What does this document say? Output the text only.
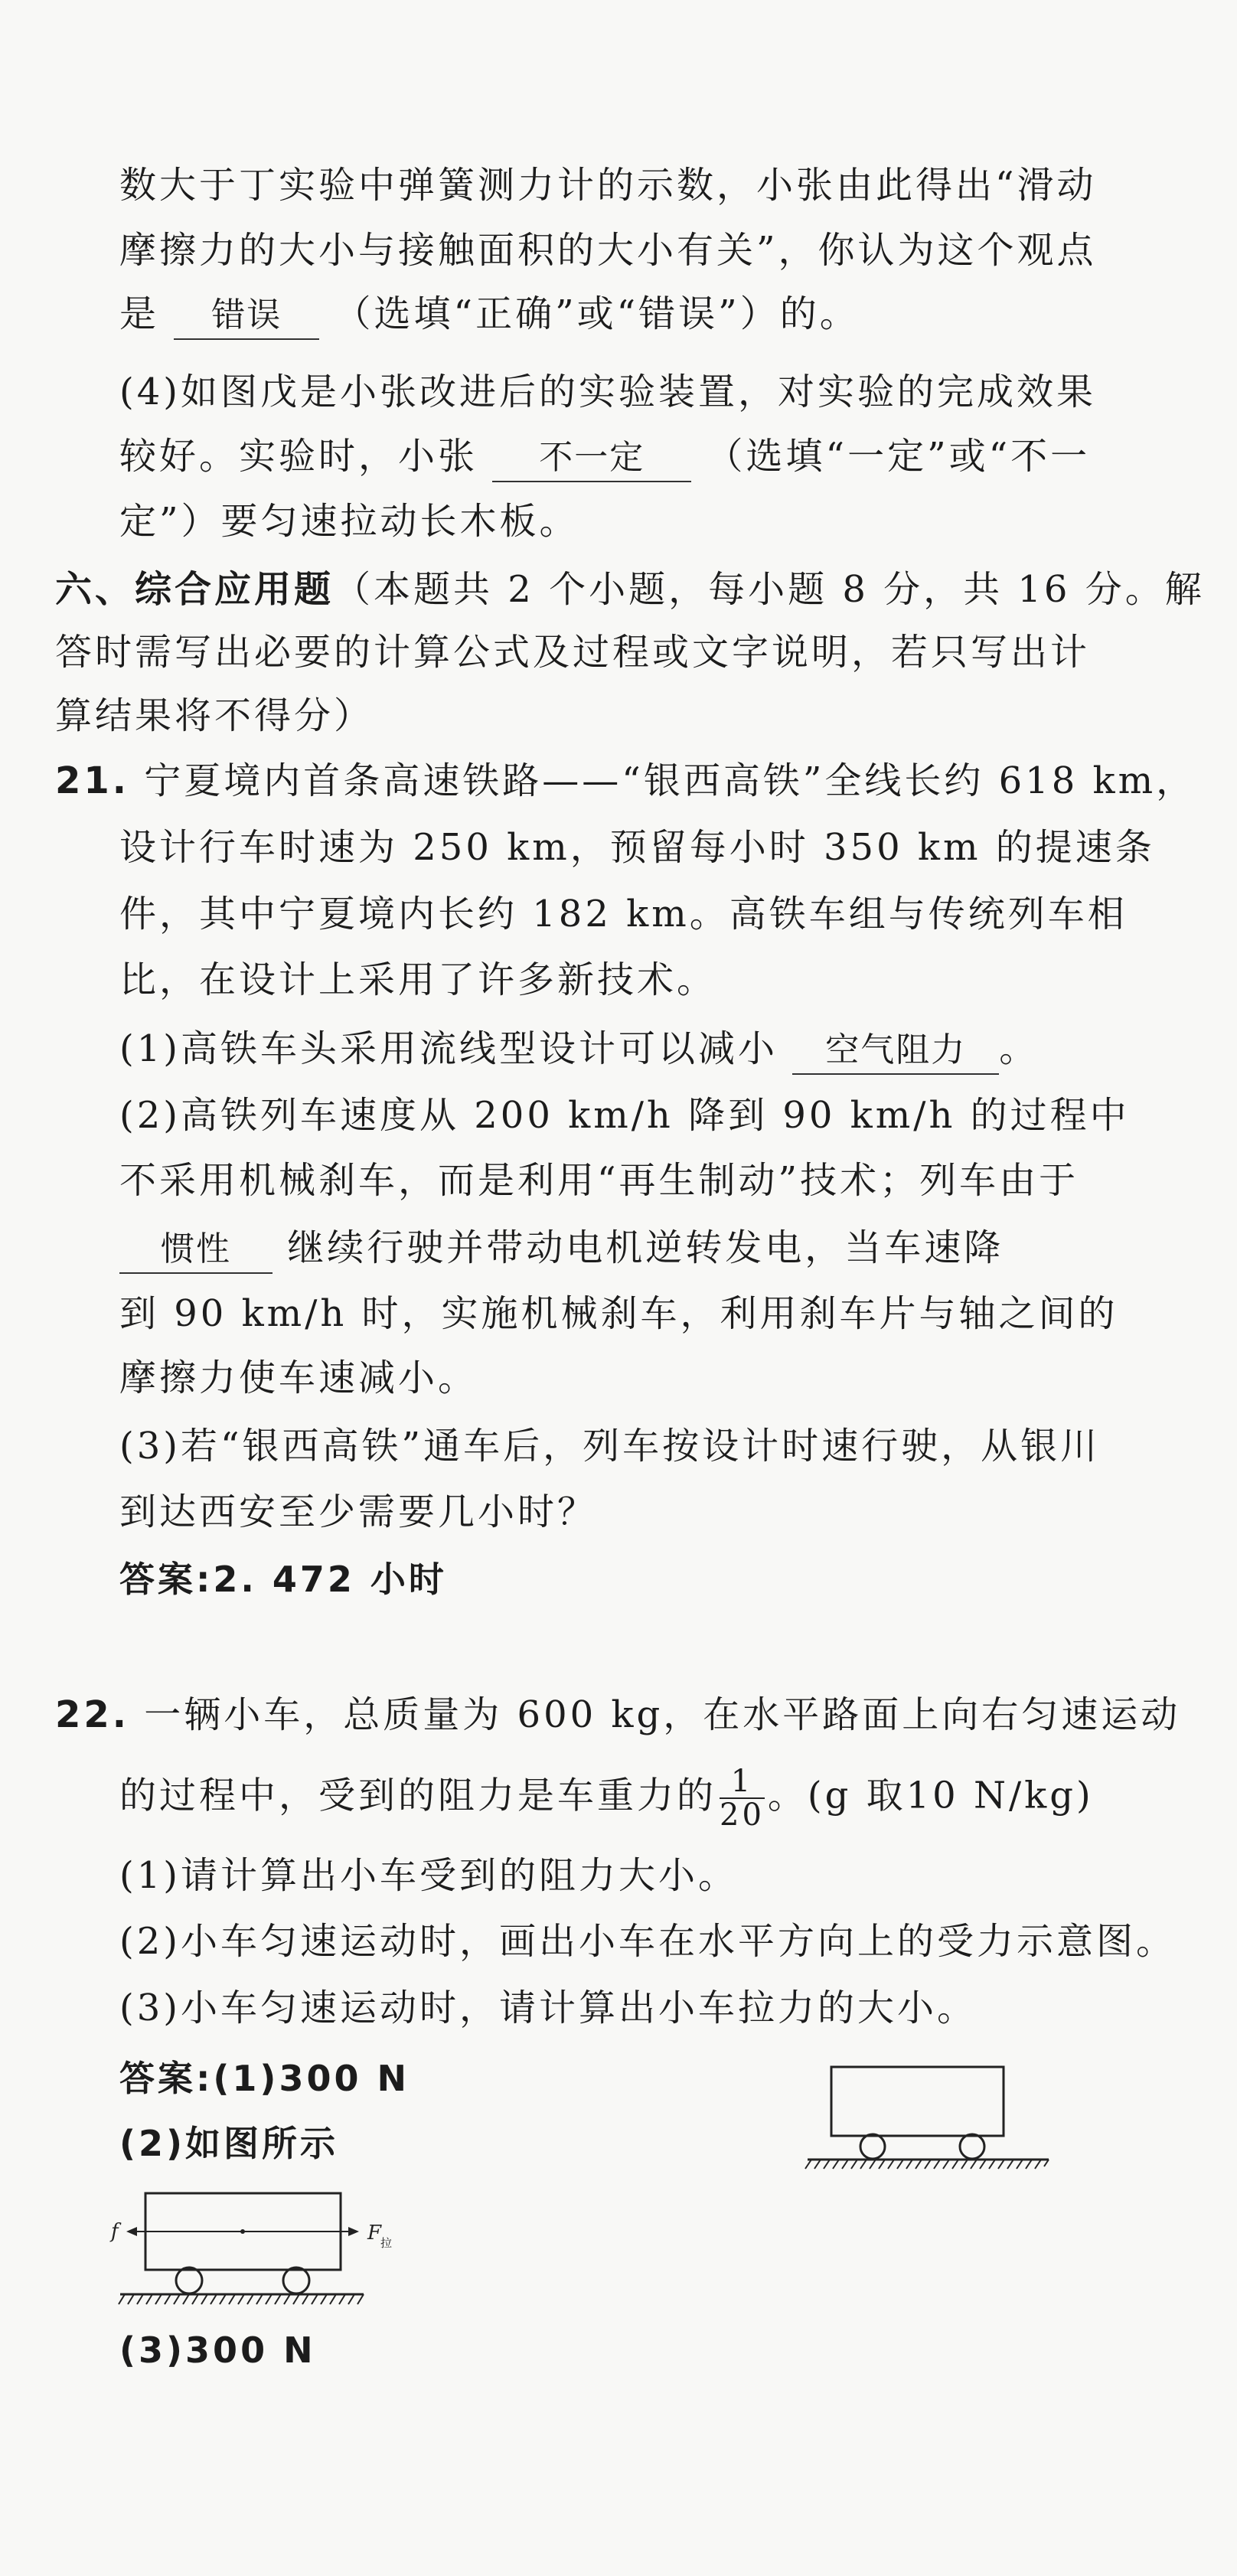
数大于丁实验中弹簧测力计的示数，小张由此得出“滑动
摩擦力的大小与接触面积的大小有关”，你认为这个观点
是 错误 （选填“正确”或“错误”）的。
(4)如图戊是小张改进后的实验装置，对实验的完成效果
较好。实验时，小张 不一定 （选填“一定”或“不一
定”）要匀速拉动长木板。
六、综合应用题（本题共 2 个小题，每小题 8 分，共 16 分。解
答时需写出必要的计算公式及过程或文字说明，若只写出计
算结果将不得分）
21. 宁夏境内首条高速铁路——“银西高铁”全线长约 618 km，
设计行车时速为 250 km，预留每小时 350 km 的提速条
件，其中宁夏境内长约 182 km。高铁车组与传统列车相
比，在设计上采用了许多新技术。
(1)高铁车头采用流线型设计可以减小 空气阻力 。
(2)高铁列车速度从 200 km/h 降到 90 km/h 的过程中
不采用机械刹车，而是利用“再生制动”技术；列车由于
惯性 继续行驶并带动电机逆转发电，当车速降
到 90 km/h 时，实施机械刹车，利用刹车片与轴之间的
摩擦力使车速减小。
(3)若“银西高铁”通车后，列车按设计时速行驶，从银川
到达西安至少需要几小时？
答案:2. 472 小时
22. 一辆小车，总质量为 600 kg，在水平路面上向右匀速运动
的过程中，受到的阻力是车重力的 $\frac{1}{20}$ 。(g 取10 N/kg)
(1)请计算出小车受到的阻力大小。
(2)小车匀速运动时，画出小车在水平方向上的受力示意图。
(3)小车匀速运动时，请计算出小车拉力的大小。
答案:(1)300 N
(2)如图所示
f	F
拉
(3)300 N
